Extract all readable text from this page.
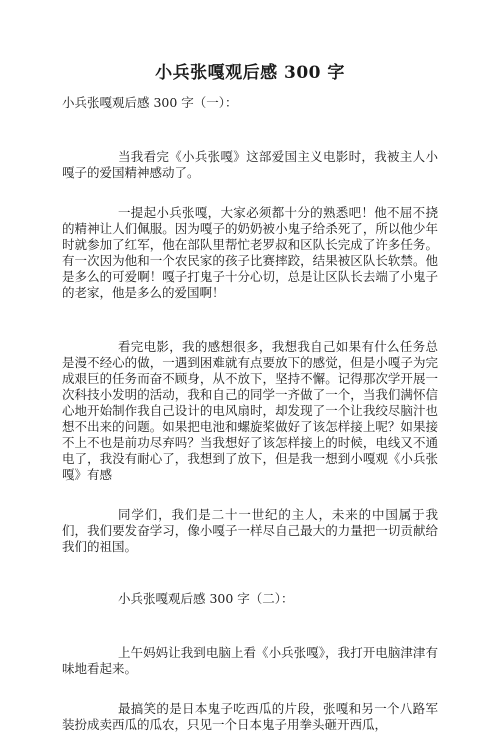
小兵张嘎观后感 300 字

小兵张嘎观后感 300 字（一）：

当我看完《小兵张嘎》这部爱国主义电影时，我被主人小嘎子的爱国精神感动了。

一提起小兵张嘎，大家必须都十分的熟悉吧！他不屈不挠的精神让人们佩服。因为嘎子的奶奶被小鬼子给杀死了，所以他少年时就参加了红军，他在部队里帮忙老罗叔和区队长完成了许多任务。有一次因为他和一个农民家的孩子比赛摔跤，结果被区队长软禁。他是多么的可爱啊！嘎子打鬼子十分心切，总是让区队长去端了小鬼子的老家，他是多么的爱国啊！

看完电影，我的感想很多，我想我自己如果有什么任务总是漫不经心的做，一遇到困难就有点要放下的感觉，但是小嘎子为完成艰巨的任务而奋不顾身，从不放下，坚持不懈。记得那次学开展一次科技小发明的活动，我和自己的同学一齐做了一个，当我们满怀信心地开始制作我自己设计的电风扇时，却发现了一个让我绞尽脑汁也想不出来的问题。如果把电池和螺旋桨做好了该怎样接上呢？如果接不上不也是前功尽弃吗？当我想好了该怎样接上的时候，电线又不通电了，我没有耐心了，我想到了放下，但是我一想到小嘎观《小兵张嘎》有感

同学们，我们是二十一世纪的主人，未来的中国属于我们，我们要发奋学习，像小嘎子一样尽自己最大的力量把一切贡献给我们的祖国。

小兵张嘎观后感 300 字（二）：

上午妈妈让我到电脑上看《小兵张嘎》，我打开电脑津津有味地看起来。

最搞笑的是日本鬼子吃西瓜的片段，张嘎和另一个八路军装扮成卖西瓜的瓜农，只见一个日本鬼子用拳头砸开西瓜，
